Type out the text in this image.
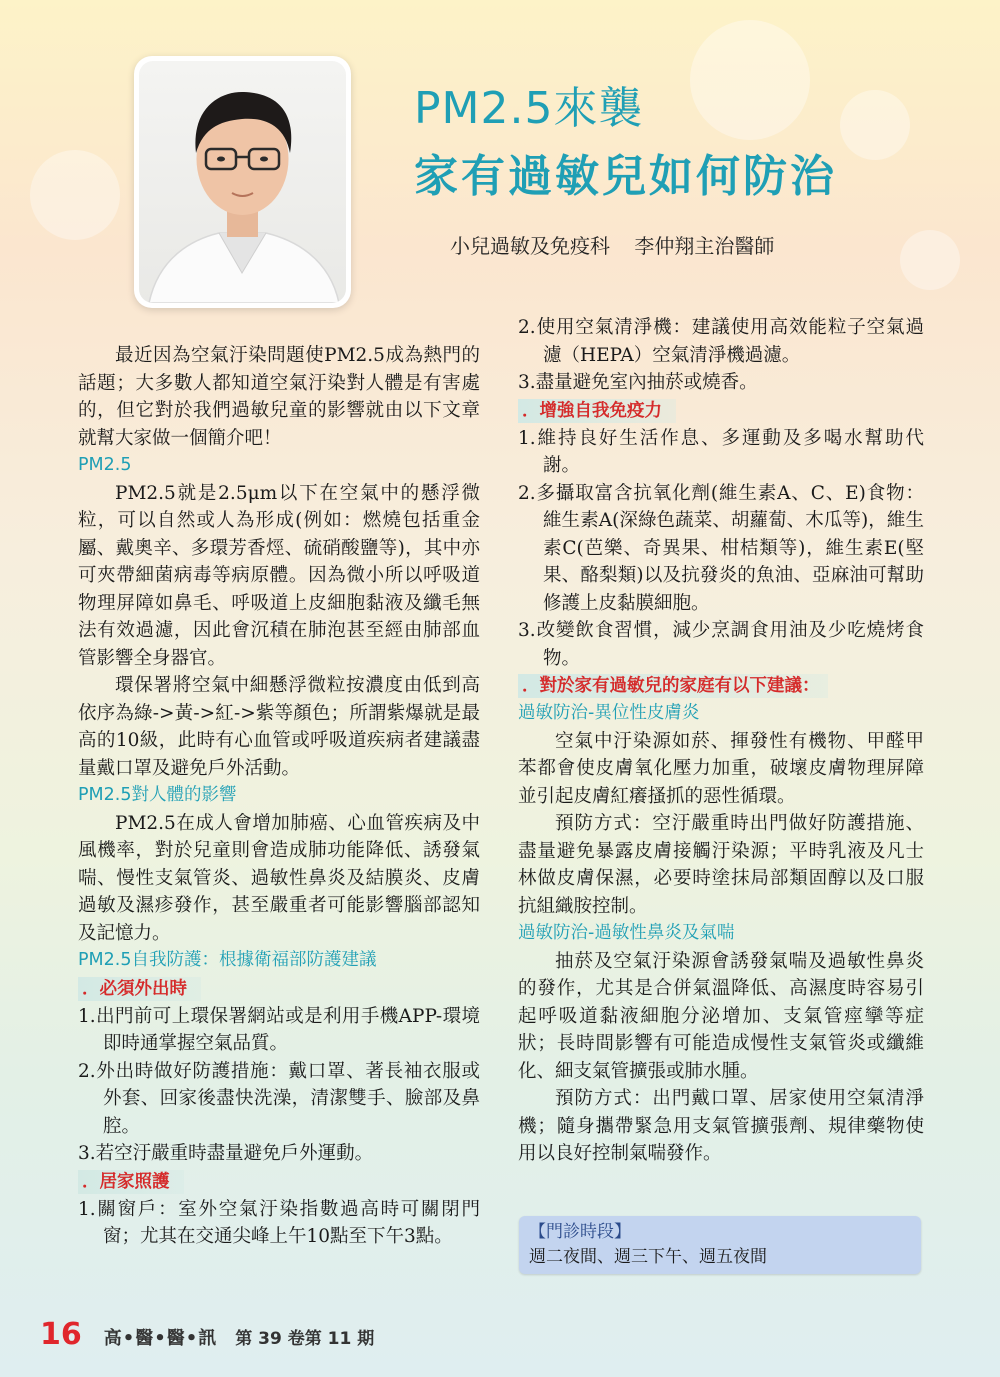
PM2.5來襲
家有過敏兒如何防治
小兒過敏及免疫科 李仲翔主治醫師
最近因為空氣汙染問題使PM2.5成為熱門的話題；大多數人都知道空氣汙染對人體是有害處的，但它對於我們過敏兒童的影響就由以下文章就幫大家做一個簡介吧！
PM2.5
PM2.5就是2.5μm以下在空氣中的懸浮微粒，可以自然或人為形成(例如：燃燒包括重金屬、戴奧辛、多環芳香烴、硫硝酸鹽等)，其中亦可夾帶細菌病毒等病原體。因為微小所以呼吸道物理屏障如鼻毛、呼吸道上皮細胞黏液及纖毛無法有效過濾，因此會沉積在肺泡甚至經由肺部血管影響全身器官。
環保署將空氣中細懸浮微粒按濃度由低到高依序為綠->黃->紅->紫等顏色；所謂紫爆就是最高的10級，此時有心血管或呼吸道疾病者建議盡量戴口罩及避免戶外活動。
PM2.5對人體的影響
PM2.5在成人會增加肺癌、心血管疾病及中風機率，對於兒童則會造成肺功能降低、誘發氣喘、慢性支氣管炎、過敏性鼻炎及結膜炎、皮膚過敏及濕疹發作，甚至嚴重者可能影響腦部認知及記憶力。
PM2.5自我防護：根據衛福部防護建議
．必須外出時
1.出門前可上環保署網站或是利用手機APP-環境即時通掌握空氣品質。
2.外出時做好防護措施：戴口罩、著長袖衣服或外套、回家後盡快洗澡，清潔雙手、臉部及鼻腔。
3.若空汙嚴重時盡量避免戶外運動。
．居家照護
1.關窗戶：室外空氣汙染指數過高時可關閉門窗；尤其在交通尖峰上午10點至下午3點。
2.使用空氣清淨機：建議使用高效能粒子空氣過濾（HEPA）空氣清淨機過濾。
3.盡量避免室內抽菸或燒香。
．增強自我免疫力
1.維持良好生活作息、多運動及多喝水幫助代謝。
2.多攝取富含抗氧化劑(維生素A、C、E)食物：維生素A(深綠色蔬菜、胡蘿蔔、木瓜等)，維生素C(芭樂、奇異果、柑桔類等)，維生素E(堅果、酪梨類)以及抗發炎的魚油、亞麻油可幫助修護上皮黏膜細胞。
3.改變飲食習慣，減少烹調食用油及少吃燒烤食物。
．對於家有過敏兒的家庭有以下建議：
過敏防治-異位性皮膚炎
空氣中汙染源如菸、揮發性有機物、甲醛甲苯都會使皮膚氧化壓力加重，破壞皮膚物理屏障並引起皮膚紅癢搔抓的惡性循環。
預防方式：空汙嚴重時出門做好防護措施、盡量避免暴露皮膚接觸汙染源；平時乳液及凡士林做皮膚保濕，必要時塗抹局部類固醇以及口服抗組織胺控制。
過敏防治-過敏性鼻炎及氣喘
抽菸及空氣汙染源會誘發氣喘及過敏性鼻炎的發作，尤其是合併氣溫降低、高濕度時容易引起呼吸道黏液細胞分泌增加、支氣管痙攣等症狀；長時間影響有可能造成慢性支氣管炎或纖維化、細支氣管擴張或肺水腫。
預防方式：出門戴口罩、居家使用空氣清淨機；隨身攜帶緊急用支氣管擴張劑、規律藥物使用以良好控制氣喘發作。
【門診時段】
週二夜間、週三下午、週五夜間
16 高•醫•醫•訊 第 39 卷第 11 期
